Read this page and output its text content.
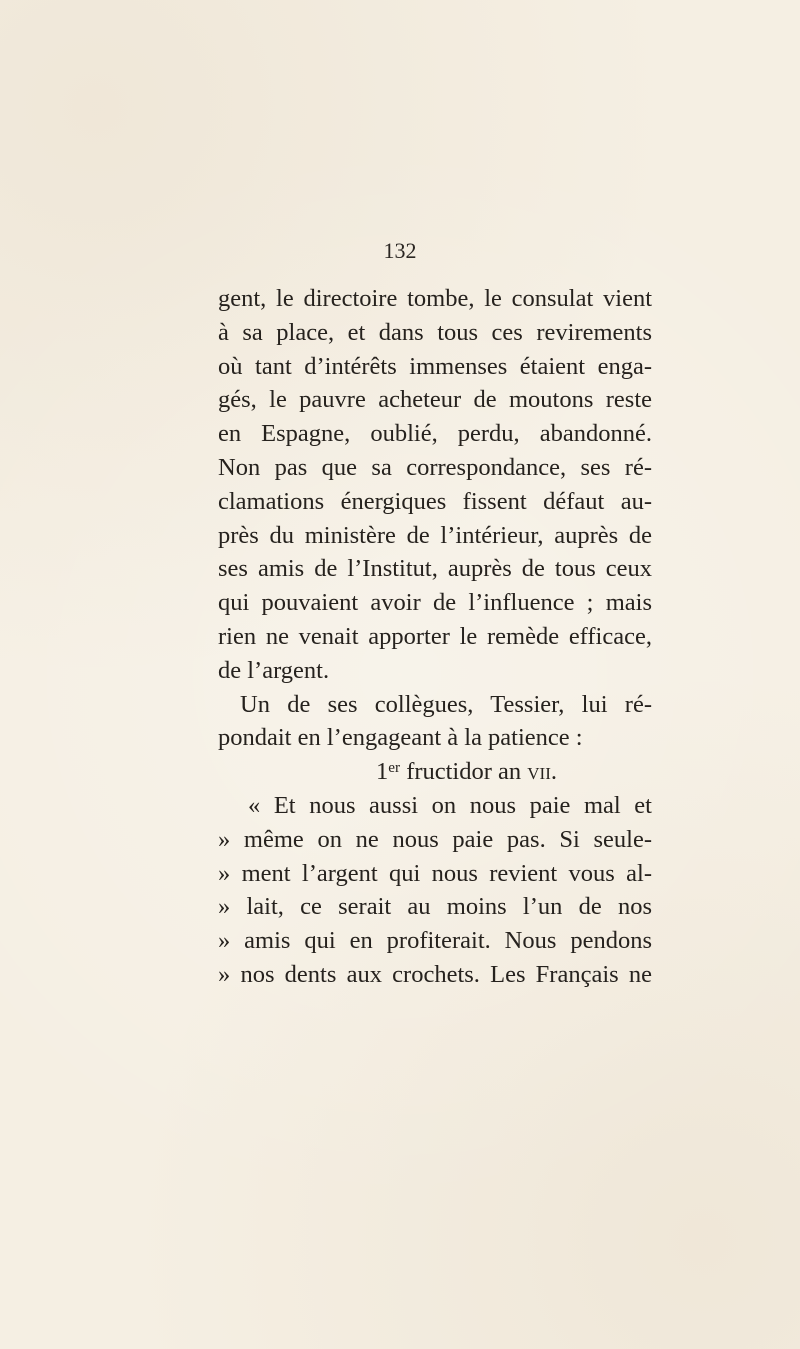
132
gent, le directoire tombe, le consulat vient
à sa place, et dans tous ces revirements
où tant d’intérêts immenses étaient enga-
gés, le pauvre acheteur de moutons reste
en Espagne, oublié, perdu, abandonné.
Non pas que sa correspondance, ses ré-
clamations énergiques fissent défaut au-
près du ministère de l’intérieur, auprès de
ses amis de l’Institut, auprès de tous ceux
qui pouvaient avoir de l’influence ; mais
rien ne venait apporter le remède efficace,
de l’argent.
Un de ses collègues, Tessier, lui ré-
pondait en l’engageant à la patience :
1er fructidor an vii.
« Et nous aussi on nous paie mal et
» même on ne nous paie pas. Si seule-
» ment l’argent qui nous revient vous al-
» lait, ce serait au moins l’un de nos
» amis qui en profiterait. Nous pendons
» nos dents aux crochets. Les Français ne
